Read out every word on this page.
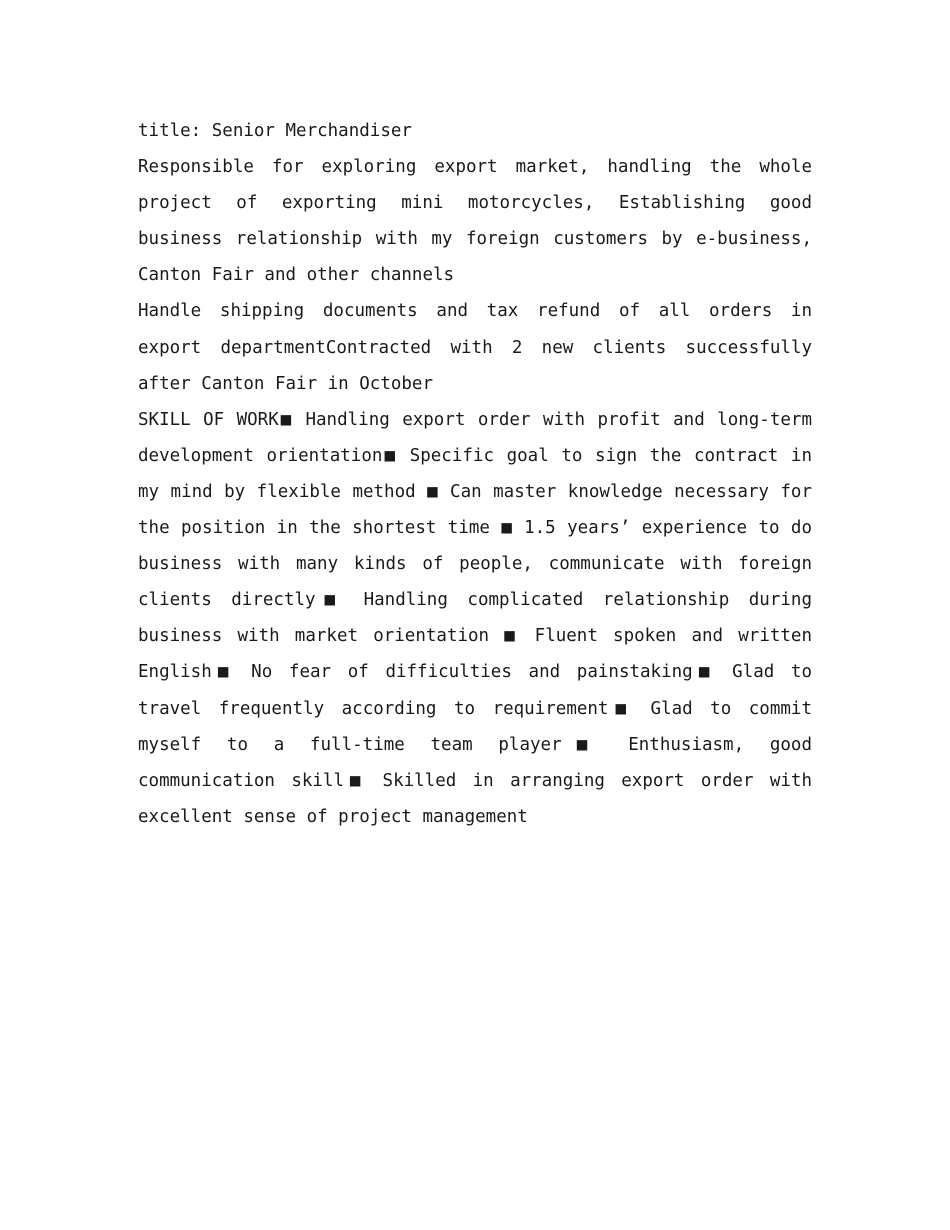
title: Senior Merchandiser

Responsible for exploring export market, handling the whole project of exporting mini motorcycles, Establishing good business relationship with my foreign customers by e-business, Canton Fair and other channels

Handle shipping documents and tax refund of all orders in export departmentContracted with 2 new clients successfully after Canton Fair in October

SKILL OF WORK■ Handling export order with profit and long-term development orientation■ Specific goal to sign the contract in my mind by flexible method ■ Can master knowledge necessary for the position in the shortest time ■ 1.5 years’ experience to do business with many kinds of people, communicate with foreign clients directly■ Handling complicated relationship during business with market orientation ■ Fluent spoken and written English■ No fear of difficulties and painstaking■ Glad to travel frequently according to requirement■ Glad to commit myself to a full-time team player■ Enthusiasm, good communication skill■ Skilled in arranging export order with excellent sense of project management
